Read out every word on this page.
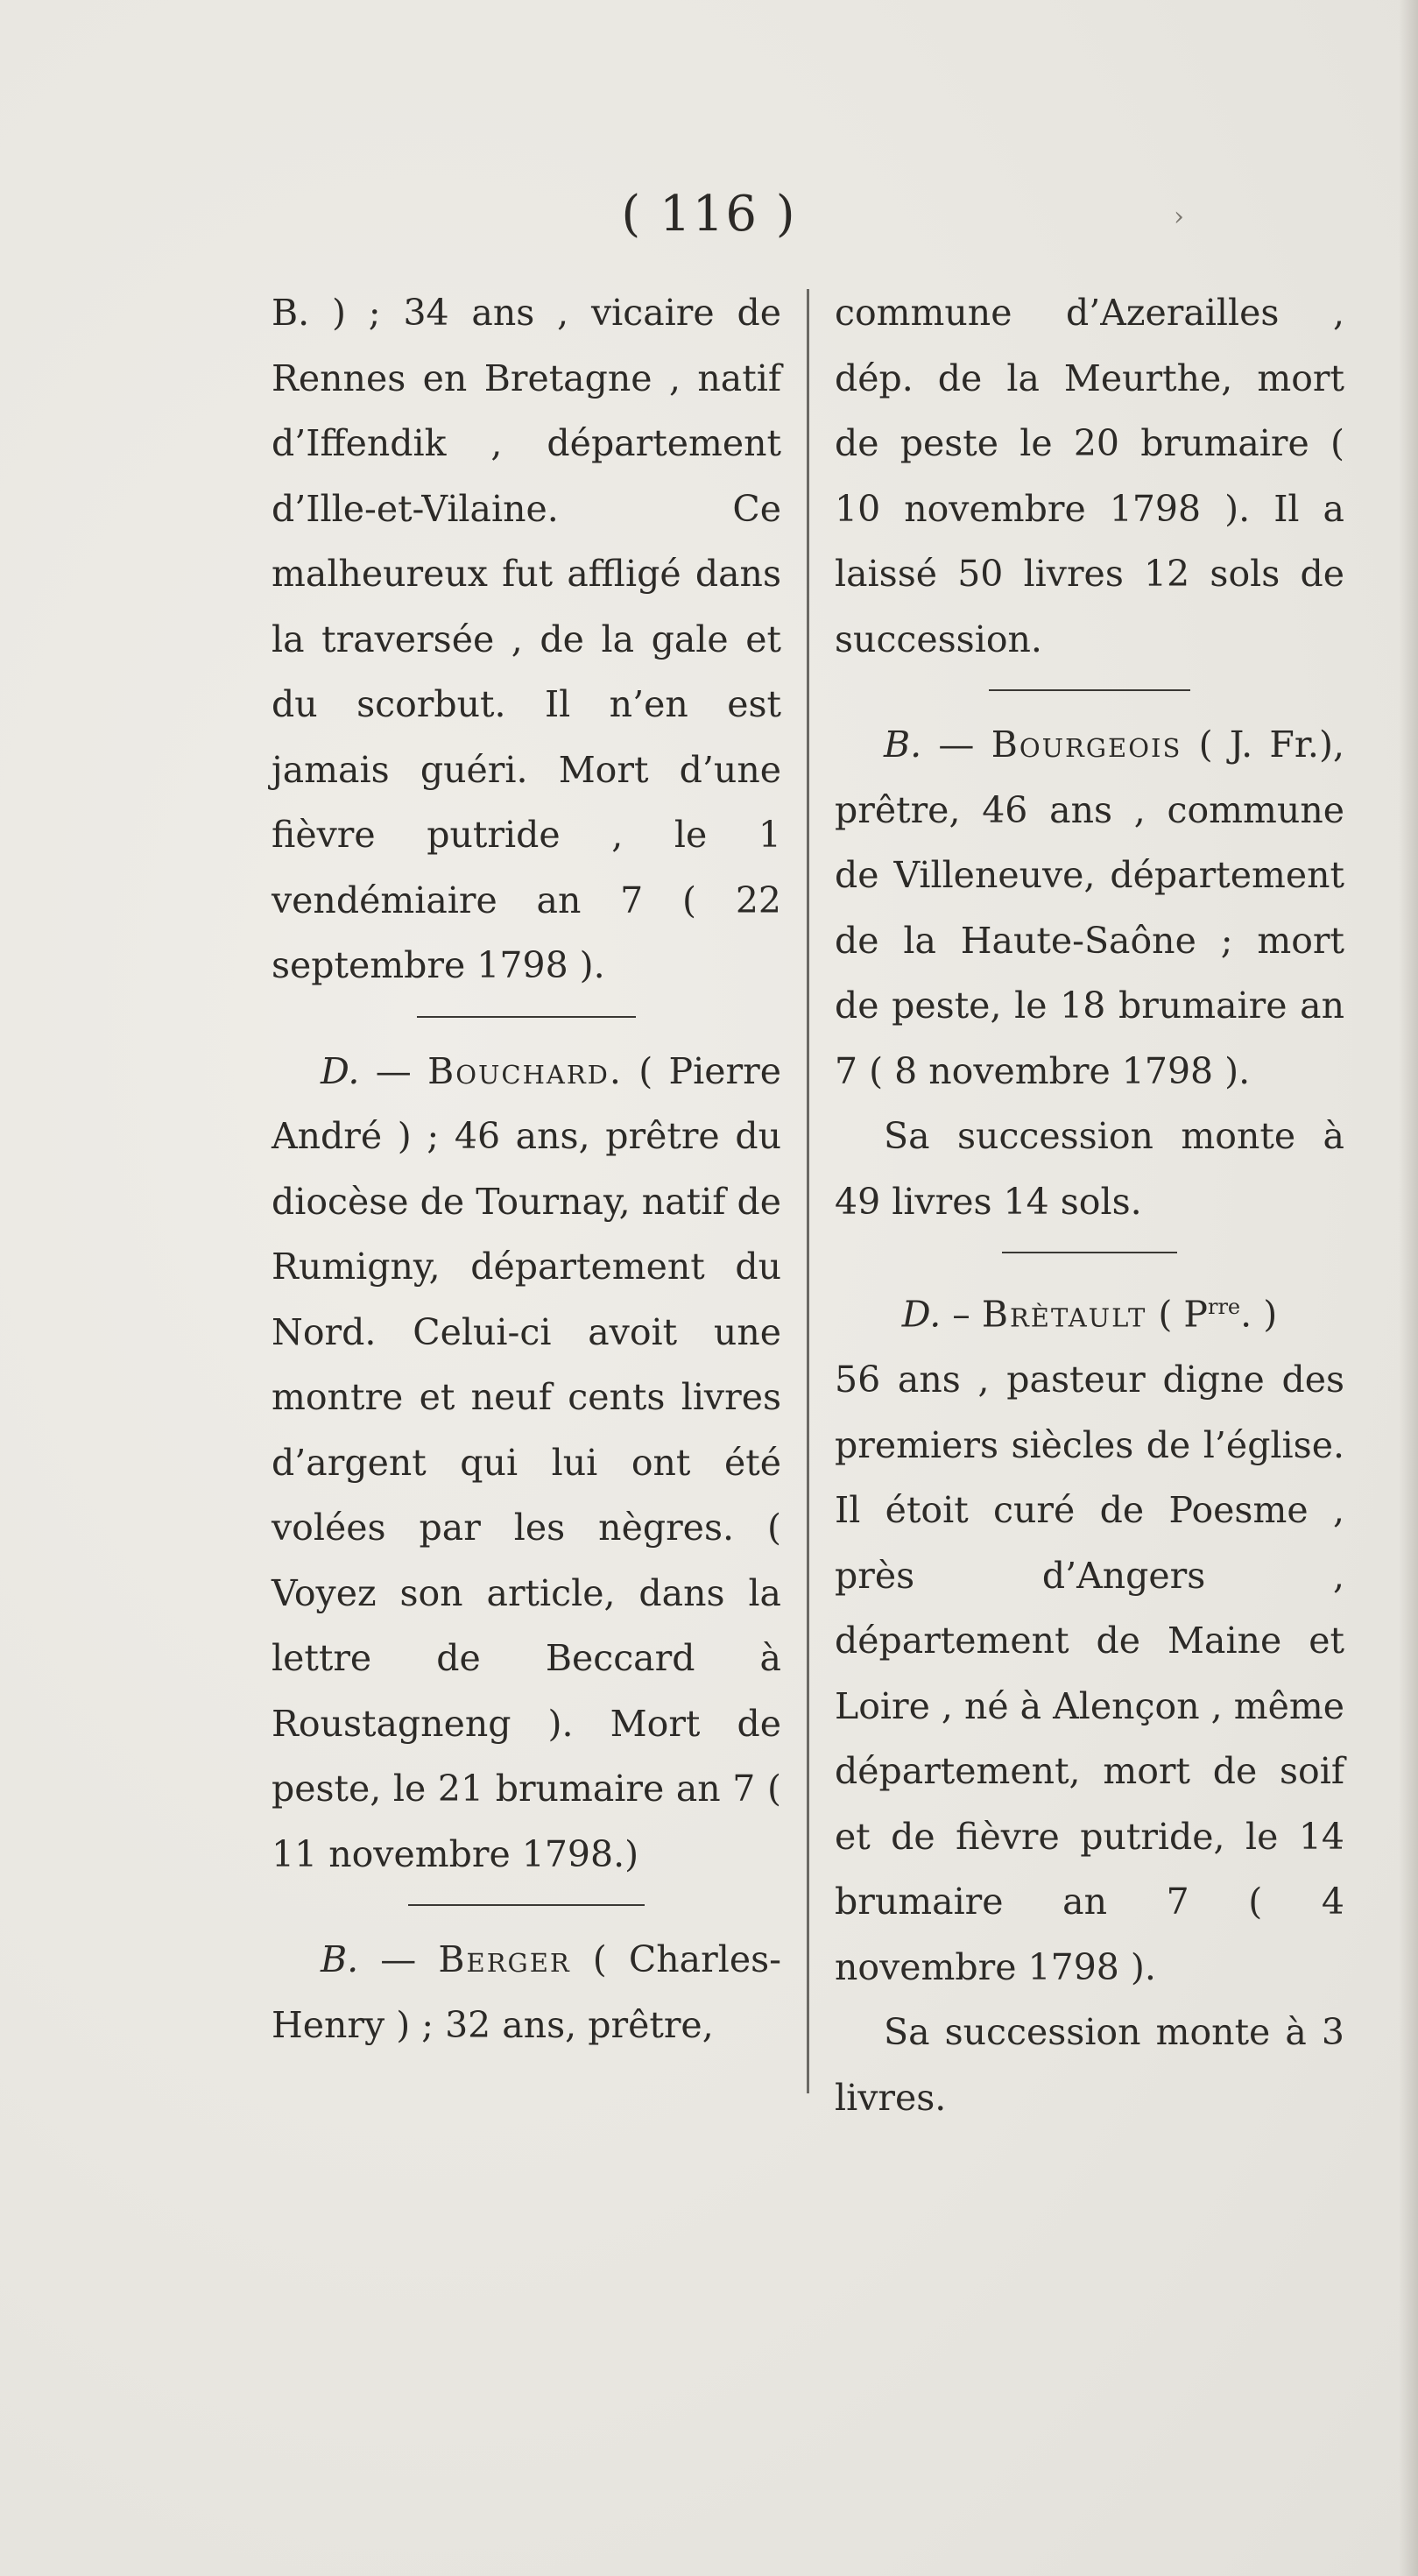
( 116 )	›

B. ) ; 34 ans , vicaire de Rennes en Bretagne , natif d’Iffendik , département d’Ille-et-Vilaine. Ce malheureux fut affligé dans la traversée , de la gale et du scorbut. Il n’en est jamais guéri. Mort d’une fièvre putride , le 1 vendémiaire an 7 ( 22 septembre 1798 ).

D. — Bouchard. ( Pierre André ) ; 46 ans, prêtre du diocèse de Tournay, natif de Rumigny, département du Nord. Celui-ci avoit une montre et neuf cents livres d’argent qui lui ont été volées par les nègres. ( Voyez son article, dans la lettre de Beccard à Roustagneng ). Mort de peste, le 21 brumaire an 7 ( 11 novembre 1798.)

B. — Berger ( Charles-Henry ) ; 32 ans, prêtre,

commune d’Azerailles , dép. de la Meurthe, mort de peste le 20 brumaire ( 10 novembre 1798 ). Il a laissé 50 livres 12 sols de succession.

B. — Bourgeois ( J. Fr.), prêtre, 46 ans , commune de Villeneuve, département de la Haute-Saône ; mort de peste, le 18 brumaire an 7 ( 8 novembre 1798 ).

Sa succession monte à 49 livres 14 sols.

D. – Brètault ( $P^{rre}$. )

56 ans , pasteur digne des premiers siècles de l’église. Il étoit curé de Poesme , près d’Angers , département de Maine et Loire , né à Alençon , même département, mort de soif et de fièvre putride, le 14 brumaire an 7 ( 4 novembre 1798 ).

Sa succession monte à 3 livres.
